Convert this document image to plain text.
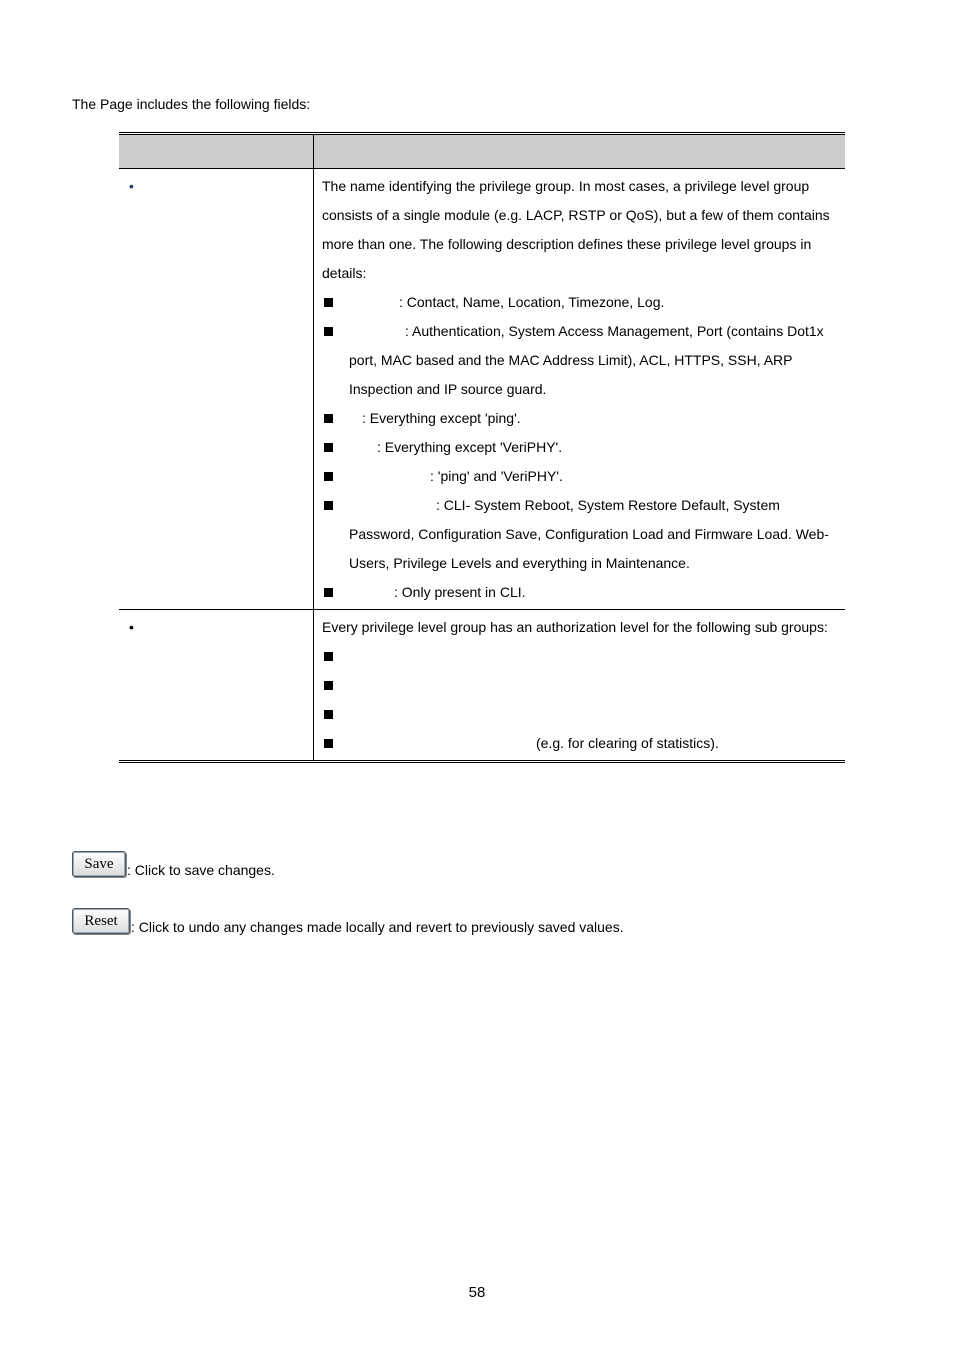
The Page includes the following fields:
•	The name identifying the privilege group. In most cases, a privilege level group consists of a single module (e.g. LACP, RSTP or QoS), but a few of them contains more than one. The following description defines these privilege level groups in details:
: Contact, Name, Location, Timezone, Log.
: Authentication, System Access Management, Port (contains Dot1x port, MAC based and the MAC Address Limit), ACL, HTTPS, SSH, ARP Inspection and IP source guard.
: Everything except 'ping'.
: Everything except 'VeriPHY'.
: 'ping' and 'VeriPHY'.
: CLI- System Reboot, System Restore Default, System Password, Configuration Save, Configuration Load and Firmware Load. Web- Users, Privilege Levels and everything in Maintenance.
: Only present in CLI.
•	Every privilege level group has an authorization level for the following sub groups:
(e.g. for clearing of statistics).
Save : Click to save changes.
Reset : Click to undo any changes made locally and revert to previously saved values.
58
